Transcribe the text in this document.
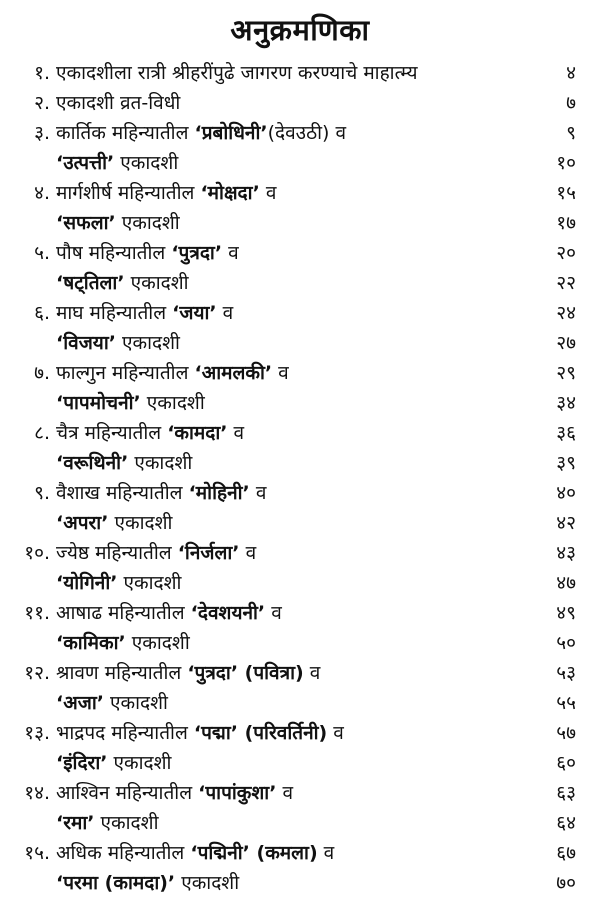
अनुक्रमणिका
१. एकादशीला रात्री श्रीहरींपुढे जागरण करण्याचे माहात्म्य	४
२. एकादशी व्रत-विधी	७
३. कार्तिक महिन्यातील ‘प्रबोधिनी’(देवउठी) व	९
‘उत्पत्ती’ एकादशी	१०
४. मार्गशीर्ष महिन्यातील ‘मोक्षदा’ व	१५
‘सफला’ एकादशी	१७
५. पौष महिन्यातील ‘पुत्रदा’ व	२०
‘षट्तिला’ एकादशी	२२
६. माघ महिन्यातील ‘जया’ व	२४
‘विजया’ एकादशी	२७
७. फाल्गुन महिन्यातील ‘आमलकी’ व	२९
‘पापमोचनी’ एकादशी	३४
८. चैत्र महिन्यातील ‘कामदा’ व	३६
‘वरूथिनी’ एकादशी	३९
९. वैशाख महिन्यातील ‘मोहिनी’ व	४०
‘अपरा’ एकादशी	४२
१०. ज्येष्ठ महिन्यातील ‘निर्जला’ व	४३
‘योगिनी’ एकादशी	४७
११. आषाढ महिन्यातील ‘देवशयनी’ व	४९
‘कामिका’ एकादशी	५०
१२. श्रावण महिन्यातील ‘पुत्रदा’ (पवित्रा) व	५३
‘अजा’ एकादशी	५५
१३. भाद्रपद महिन्यातील ‘पद्मा’ (परिवर्तिनी) व	५७
‘इंदिरा’ एकादशी	६०
१४. आश्विन महिन्यातील ‘पापांकुशा’ व	६३
‘रमा’ एकादशी	६४
१५. अधिक महिन्यातील ‘पद्मिनी’ (कमला) व	६७
‘परमा (कामदा)’ एकादशी	७०
